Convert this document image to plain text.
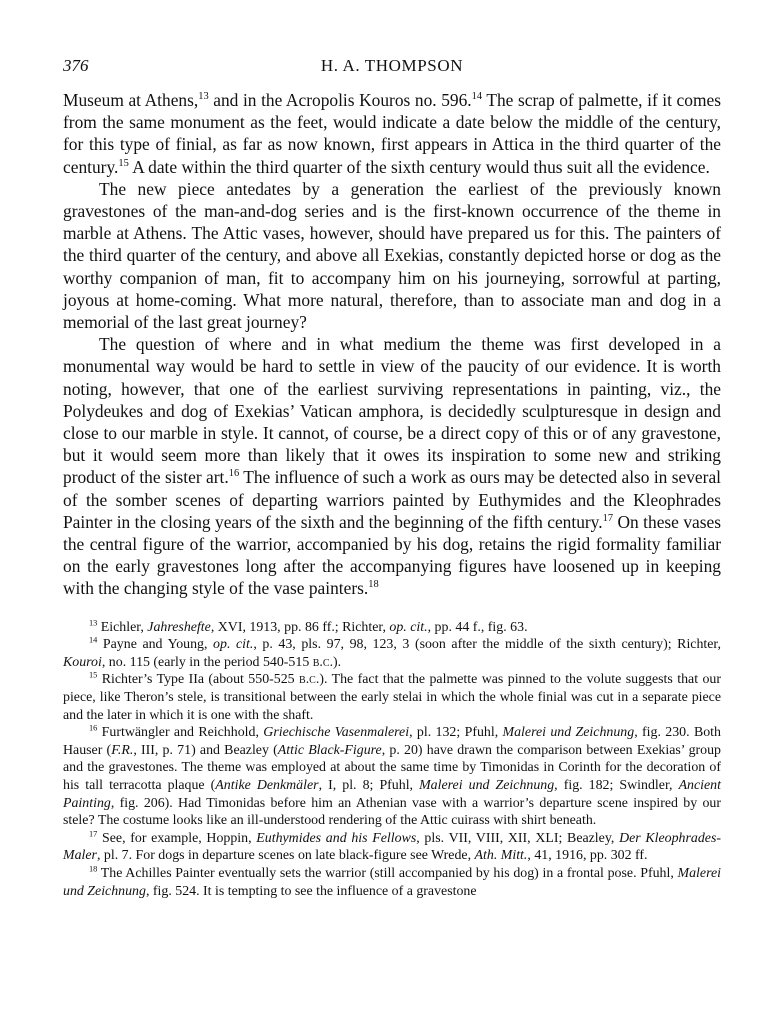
376	H. A. THOMPSON

Museum at Athens,$^{13}$ and in the Acropolis Kouros no. 596.14 The scrap of palmette, if it comes from the same monument as the feet, would indicate a date below the middle of the century, for this type of finial, as far as now known, first appears in Attica in the third quarter of the century.$^{15}$ A date within the third quarter of the sixth century would thus suit all the evidence.

The new piece antedates by a generation the earliest of the previously known gravestones of the man-and-dog series and is the first-known occurrence of the theme in marble at Athens. The Attic vases, however, should have prepared us for this. The painters of the third quarter of the century, and above all Exekias, constantly depicted horse or dog as the worthy companion of man, fit to accompany him on his journeying, sorrowful at parting, joyous at home-coming. What more natural, therefore, than to associate man and dog in a memorial of the last great journey?

The question of where and in what medium the theme was first developed in a monumental way would be hard to settle in view of the paucity of our evidence. It is worth noting, however, that one of the earliest surviving representations in painting, viz., the Polydeukes and dog of Exekias’ Vatican amphora, is decidedly sculpturesque in design and close to our marble in style. It cannot, of course, be a direct copy of this or of any gravestone, but it would seem more than likely that it owes its inspiration to some new and striking product of the sister art.$^{16}$ The influence of such a work as ours may be detected also in several of the somber scenes of departing warriors painted by Euthymides and the Kleophrades Painter in the closing years of the sixth and the beginning of the fifth century.$^{17}$ On these vases the central figure of the warrior, accompanied by his dog, retains the rigid formality familiar on the early gravestones long after the accompanying figures have loosened up in keeping with the changing style of the vase painters.$^{18}$

$^{13}$ Eichler, Jahreshefte, XVI, 1913, pp. 86 ff.; Richter, op. cit., pp. 44 f., fig. 63.

$^{14}$ Payne and Young, op. cit., p. 43, pls. 97, 98, 123, 3 (soon after the middle of the sixth century); Richter, Kouroi, no. 115 (early in the period 540-515 b.c.).

$^{15}$ Richter’s Type IIa (about 550-525 b.c.). The fact that the palmette was pinned to the volute suggests that our piece, like Theron’s stele, is transitional between the early stelai in which the whole finial was cut in a separate piece and the later in which it is one with the shaft.

$^{16}$ Furtwängler and Reichhold, Griechische Vasenmalerei, pl. 132; Pfuhl, Malerei und Zeichnung, fig. 230. Both Hauser (F.R., III, p. 71) and Beazley (Attic Black-Figure, p. 20) have drawn the comparison between Exekias’ group and the gravestones. The theme was employed at about the same time by Timonidas in Corinth for the decoration of his tall terracotta plaque (Antike Denkmäler, I, pl. 8; Pfuhl, Malerei und Zeichnung, fig. 182; Swindler, Ancient Painting, fig. 206). Had Timonidas before him an Athenian vase with a warrior’s departure scene inspired by our stele? The costume looks like an ill-understood rendering of the Attic cuirass with shirt beneath.

$^{17}$ See, for example, Hoppin, Euthymides and his Fellows, pls. VII, VIII, XII, XLI; Beazley, Der Kleophrades-Maler, pl. 7. For dogs in departure scenes on late black-figure see Wrede, Ath. Mitt., 41, 1916, pp. 302 ff.

$^{18}$ The Achilles Painter eventually sets the warrior (still accompanied by his dog) in a frontal pose. Pfuhl, Malerei und Zeichnung, fig. 524. It is tempting to see the influence of a gravestone
